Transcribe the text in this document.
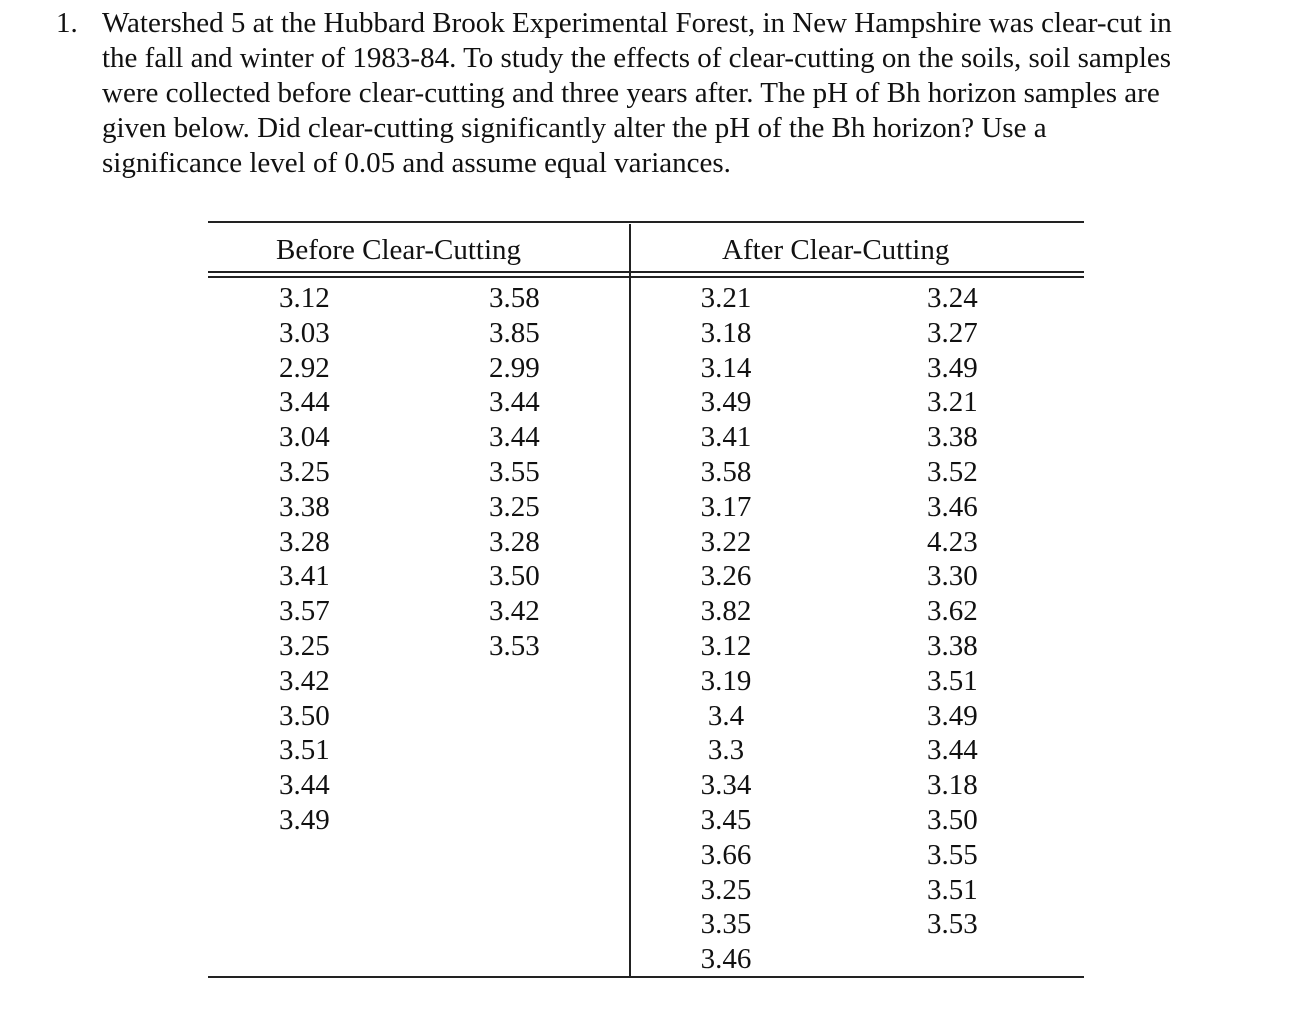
1. Watershed 5 at the Hubbard Brook Experimental Forest, in New Hampshire was clear-cut in
the fall and winter of 1983-84. To study the effects of clear-cutting on the soils, soil samples
were collected before clear-cutting and three years after. The pH of Bh horizon samples are
given below. Did clear-cutting significantly alter the pH of the Bh horizon? Use a
significance level of 0.05 and assume equal variances.
Before Clear-Cutting	After Clear-Cutting
3.12
3.03
2.92
3.44
3.04
3.25
3.38
3.28
3.41
3.57
3.25
3.42
3.50
3.51
3.44
3.49
3.58
3.85
2.99
3.44
3.44
3.55
3.25
3.28
3.50
3.42
3.53
3.21
3.18
3.14
3.49
3.41
3.58
3.17
3.22
3.26
3.82
3.12
3.19
3.4
3.3
3.34
3.45
3.66
3.25
3.35
3.46
3.24
3.27
3.49
3.21
3.38
3.52
3.46
4.23
3.30
3.62
3.38
3.51
3.49
3.44
3.18
3.50
3.55
3.51
3.53
